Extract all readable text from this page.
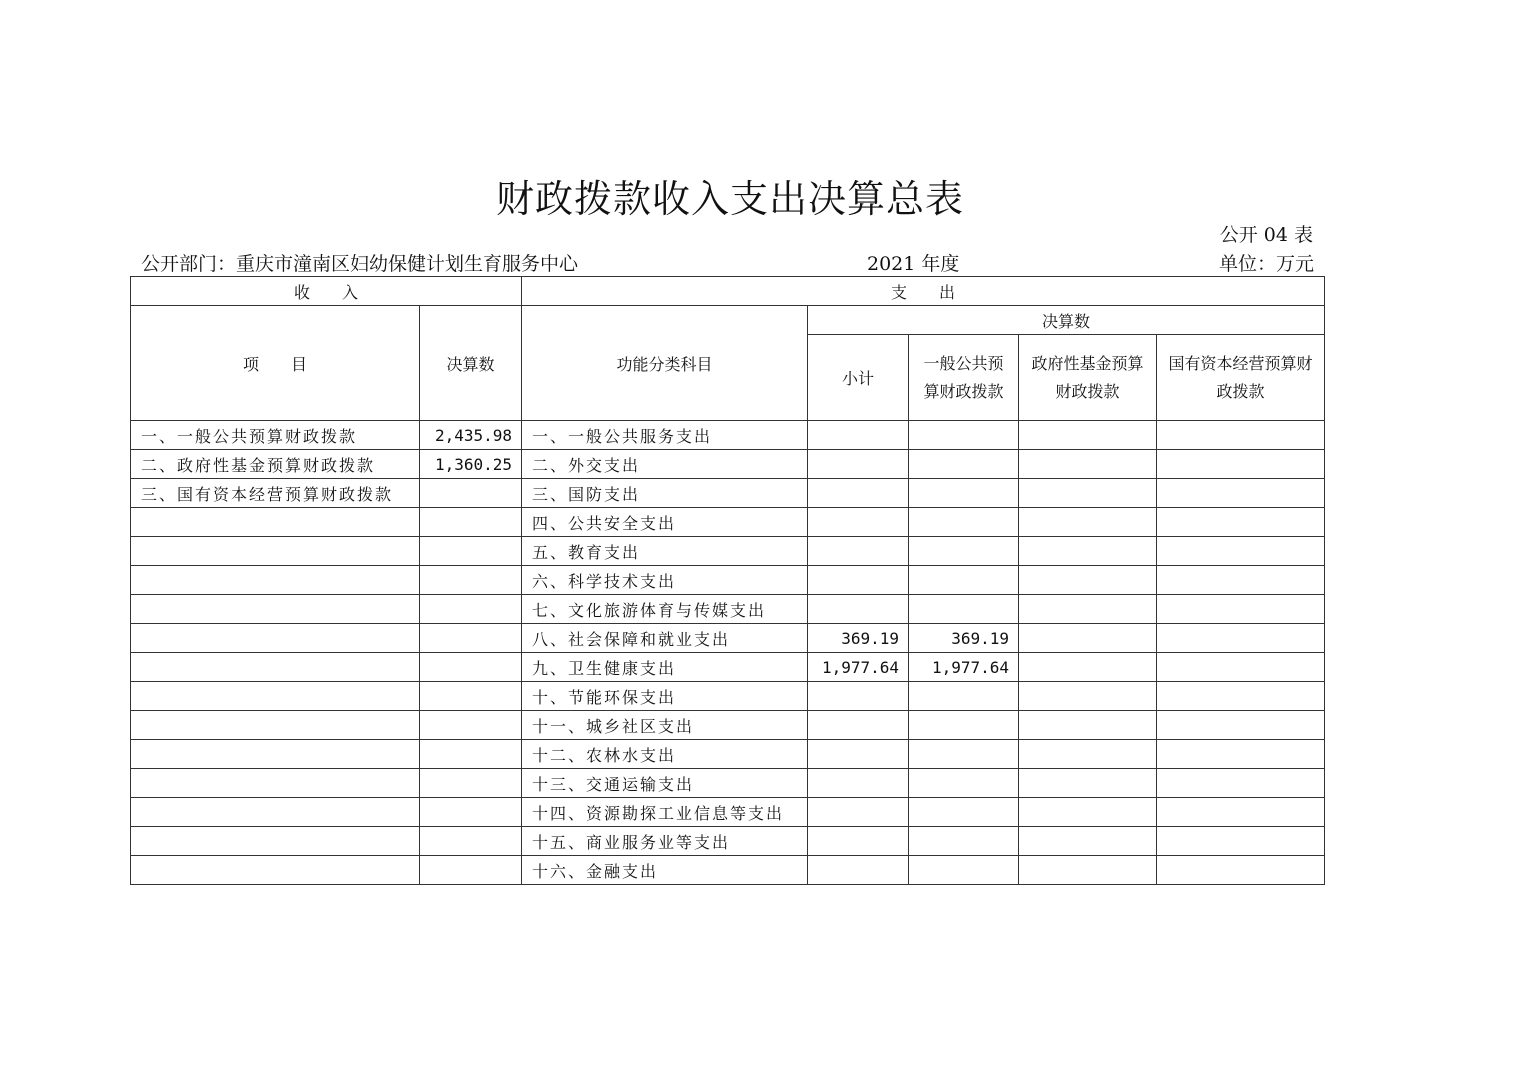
财政拨款收入支出决算总表
公开 04 表
公开部门：重庆市潼南区妇幼保健计划生育服务中心	2021 年度	单位：万元
收　　入		支　　出				
项　　目	决算数	功能分类科目	决算数			
			小计	一般公共预算财政拨款	政府性基金预算财政拨款	国有资本经营预算财政拨款
一、一般公共预算财政拨款	2,435.98	一、一般公共服务支出				
二、政府性基金预算财政拨款	1,360.25	二、外交支出				
三、国有资本经营预算财政拨款		三、国防支出				
		四、公共安全支出				
		五、教育支出				
		六、科学技术支出				
		七、文化旅游体育与传媒支出				
		八、社会保障和就业支出	369.19	369.19		
		九、卫生健康支出	1,977.64	1,977.64		
		十、节能环保支出				
		十一、城乡社区支出				
		十二、农林水支出				
		十三、交通运输支出				
		十四、资源勘探工业信息等支出				
		十五、商业服务业等支出				
		十六、金融支出				
